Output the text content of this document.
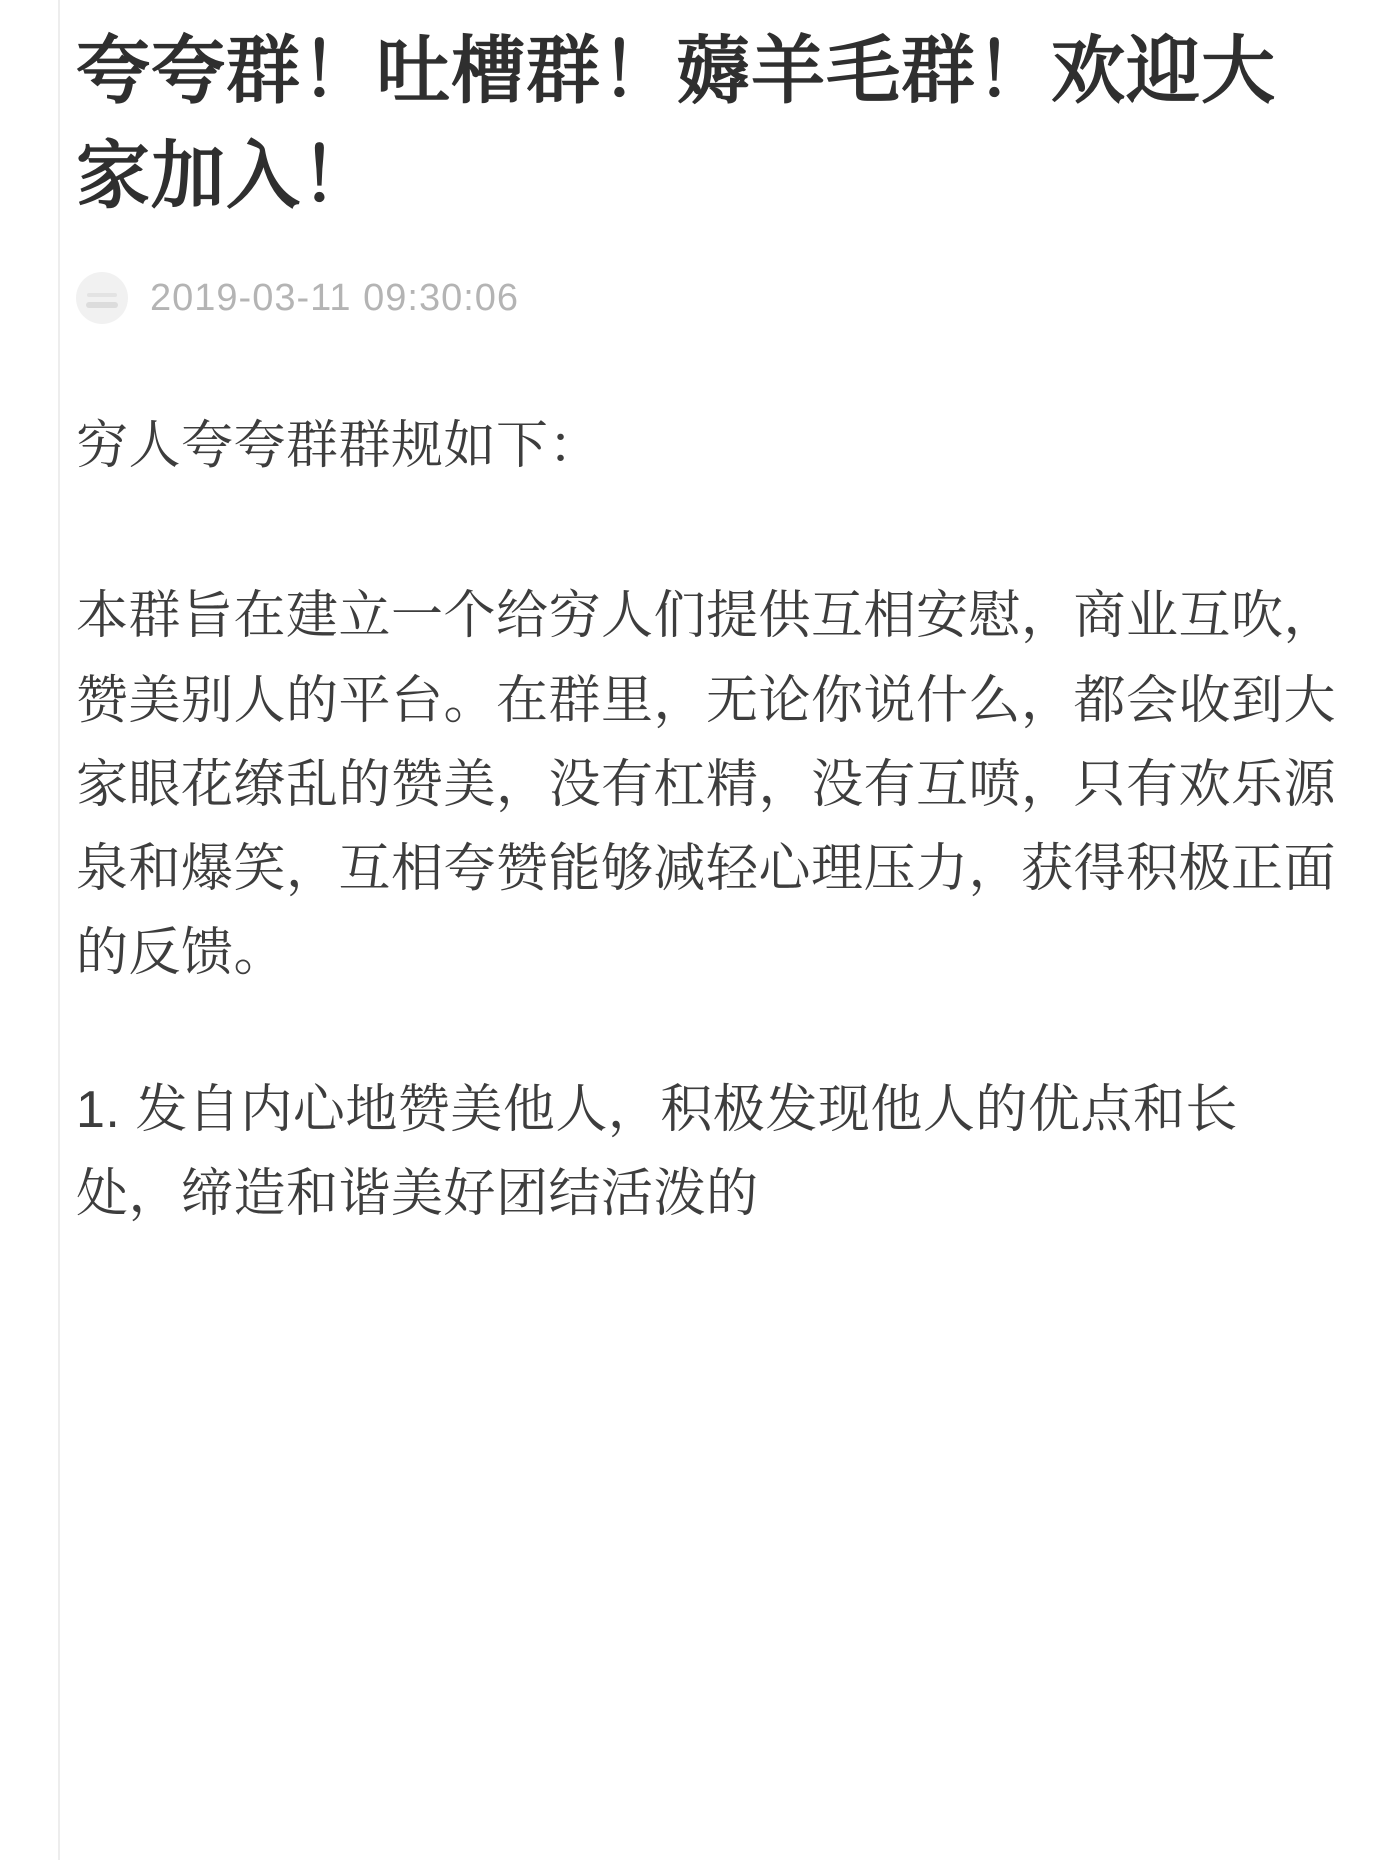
夸夸群！吐槽群！薅羊毛群！欢迎大家加入！
2019-03-11 09:30:06

穷人夸夸群群规如下：

本群旨在建立一个给穷人们提供互相安慰，商业互吹，赞美别人的平台。在群里，无论你说什么，都会收到大家眼花缭乱的赞美，没有杠精，没有互喷，只有欢乐源泉和爆笑，互相夸赞能够减轻心理压力，获得积极正面的反馈。

1. 发自内心地赞美他人，积极发现他人的优点和长处，缔造和谐美好团结活泼的
